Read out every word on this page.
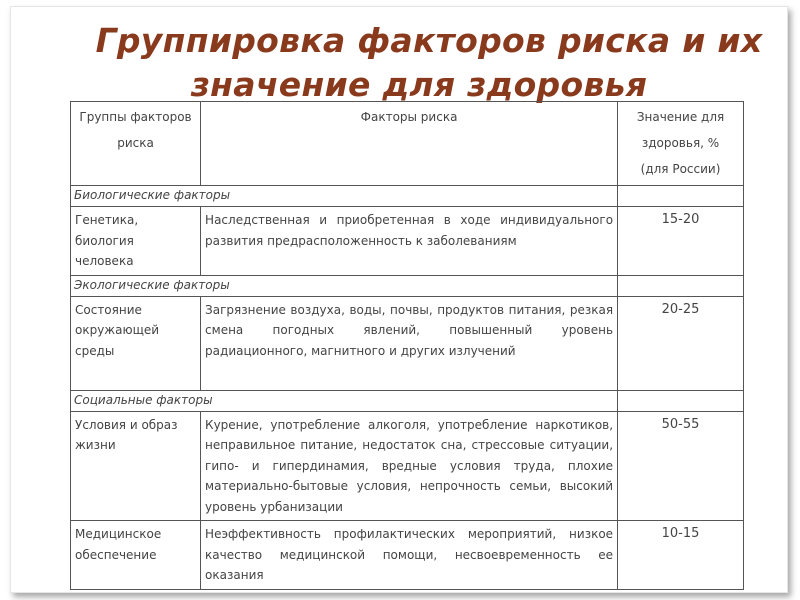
Группировка факторов риска и их
значение для здоровья
Группы факторов риска	Факторы риска	Значение для здоровья, %
(для России)
Биологические факторы		
Генетика, биология человека	Наследственная и приобретенная в ходе индивидуального развития предрасположенность к заболеваниям	15-20
Экологические факторы		
Состояние окружающей среды	Загрязнение воздуха, воды, почвы, продуктов питания, резкая смена погодных явлений, повышенный уровень радиационного, магнитного и других излучений	20-25
Социальные факторы		
Условия и образ жизни	Курение, употребление алкоголя, употребление наркотиков, неправильное питание, недостаток сна, стрессовые ситуации, гипо- и гипердинамия, вредные условия труда, плохие материально-бытовые условия, непрочность семьи, высокий уровень урбанизации	50-55
Медицинское обеспечение	Неэффективность профилактических мероприятий, низкое качество медицинской помощи, несвоевременность ее оказания	10-15
